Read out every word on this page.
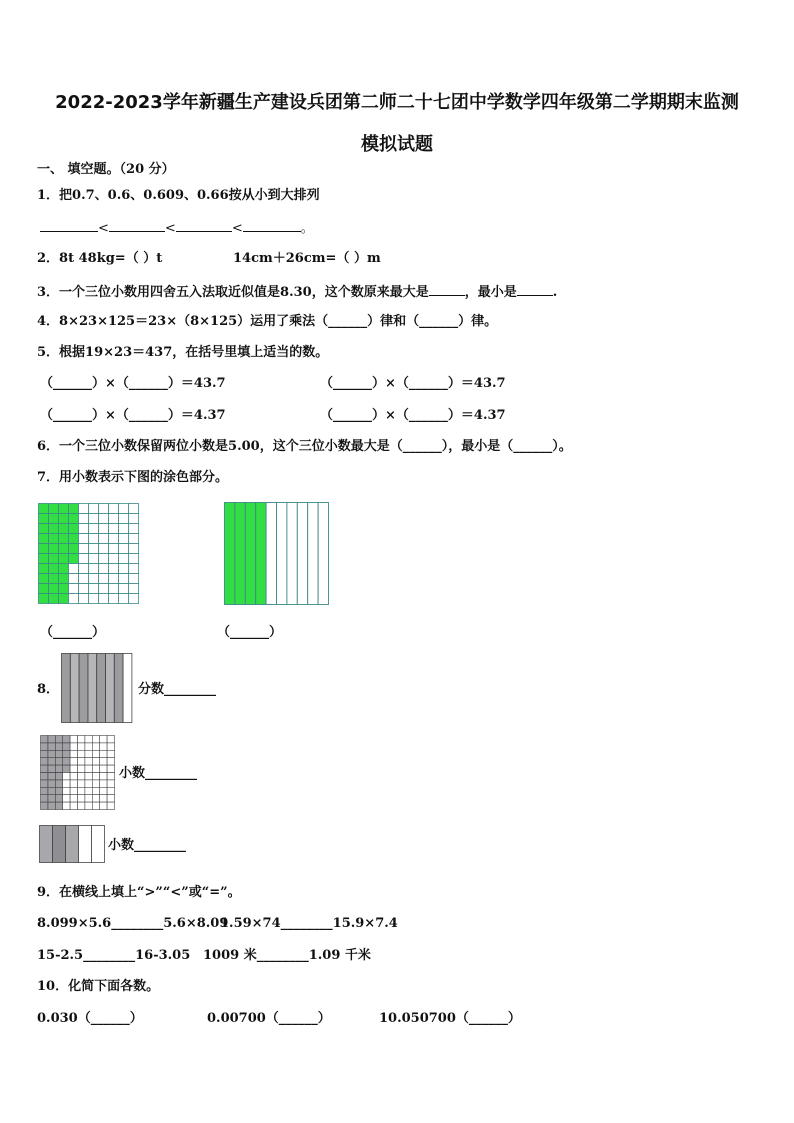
2022-2023学年新疆生产建设兵团第二师二十七团中学数学四年级第二学期期末监测
模拟试题
一、 填空题。（20 分）
1．把0.7、0.6、0.609、0.66按从小到大排列
<	<	<	。
2．8t 48kg=（ ）t	14cm＋26cm=（ ）m
3．一个三位小数用四舍五入法取近似值是8.30，这个数原来最大是	，最小是	.
4．8×23×125＝23×（8×125）运用了乘法（______）律和（______）律。
5．根据19×23＝437，在括号里填上适当的数。
（______）×（______）＝43.7	（______）×（______）＝43.7
（______）×（______）＝4.37	（______）×（______）＝4.37
6．一个三位小数保留两位小数是5.00，这个三位小数最大是（______），最小是（______）。
7．用小数表示下图的涂色部分。
（______）	（______）
8．	分数________
小数________
小数________
9．在横线上填上“>”“<”或“=”。
8.099×5.6________5.6×8.09
1.59×74________15.9×7.4
15-2.5________16-3.05 1009 米________1.09 千米
10．化简下面各数。
0.030（______）	0.00700（______）	10.050700（______）
